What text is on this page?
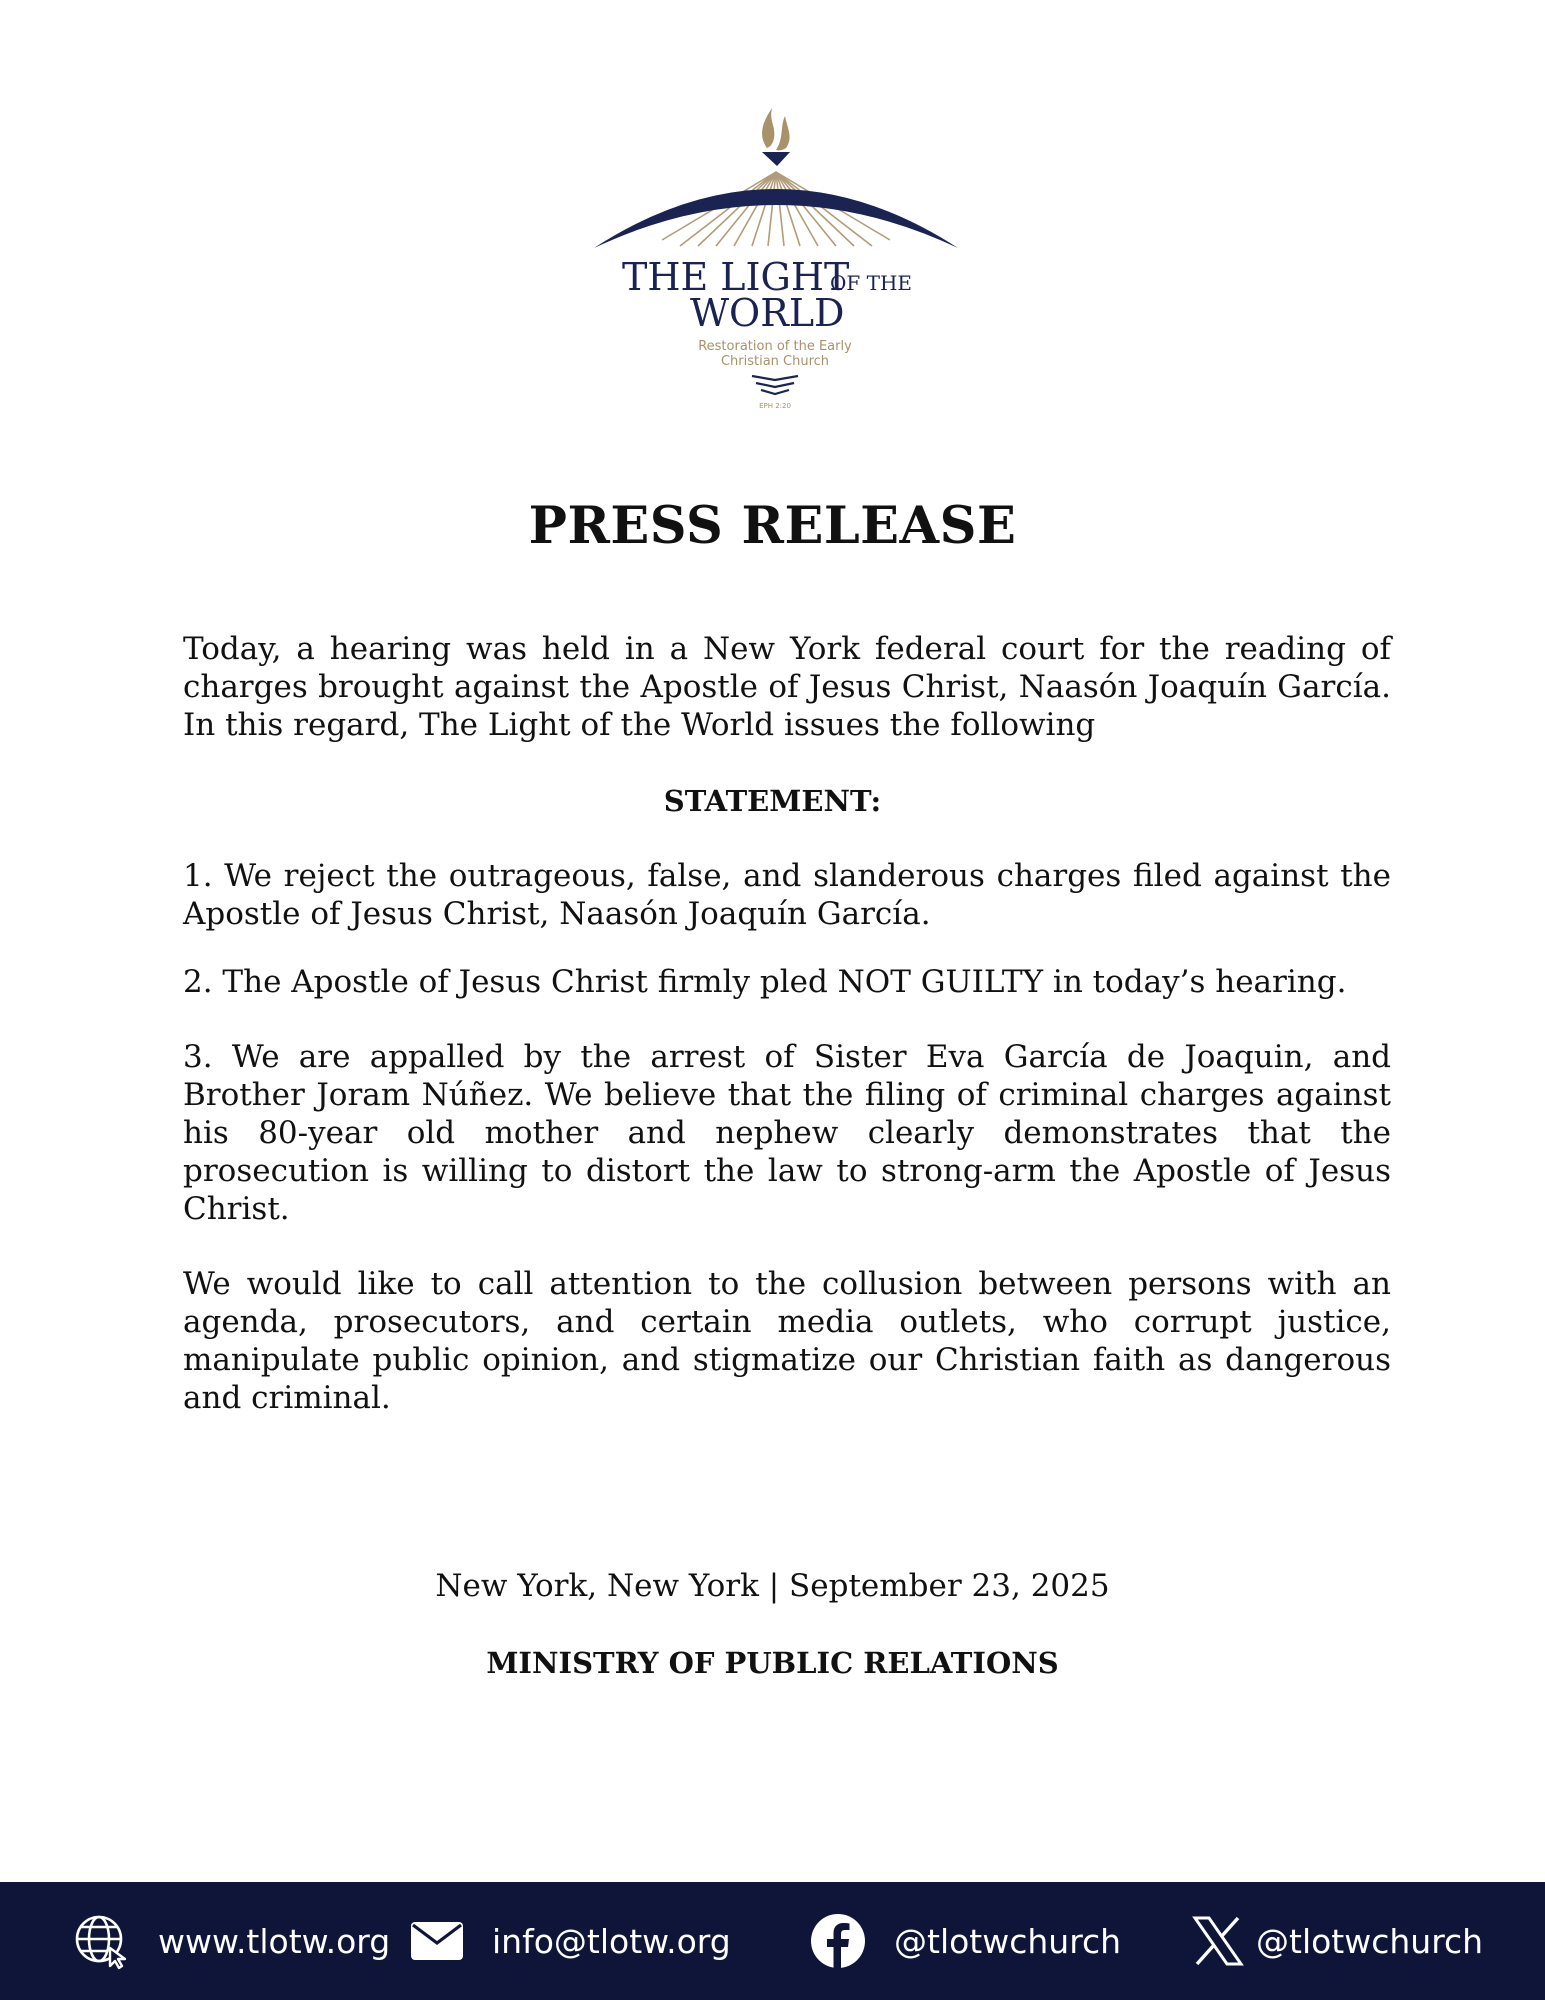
THE LIGHT
OF THE
WORLD
Restoration of the Early
Christian Church
EPH 2:20
PRESS RELEASE

Today, a hearing was held in a New York federal court for the reading of charges brought against the Apostle of Jesus Christ, Naasón Joaquín García. In this regard, The Light of the World issues the following

STATEMENT:

1. We reject the outrageous, false, and slanderous charges filed against the Apostle of Jesus Christ, Naasón Joaquín García.

2. The Apostle of Jesus Christ firmly pled NOT GUILTY in today’s hearing.

3. We are appalled by the arrest of Sister Eva García de Joaquin, and Brother Joram Núñez. We believe that the filing of criminal charges against his 80-year old mother and nephew clearly demonstrates that the prosecution is willing to distort the law to strong-arm the Apostle of Jesus Christ.

We would like to call attention to the collusion between persons with an agenda, prosecutors, and certain media outlets, who corrupt justice, manipulate public opinion, and stigmatize our Christian faith as dangerous and criminal.

New York, New York | September 23, 2025

MINISTRY OF PUBLIC RELATIONS

www.tlotw.org	info@tlotw.org	@tlotwchurch	@tlotwchurch
